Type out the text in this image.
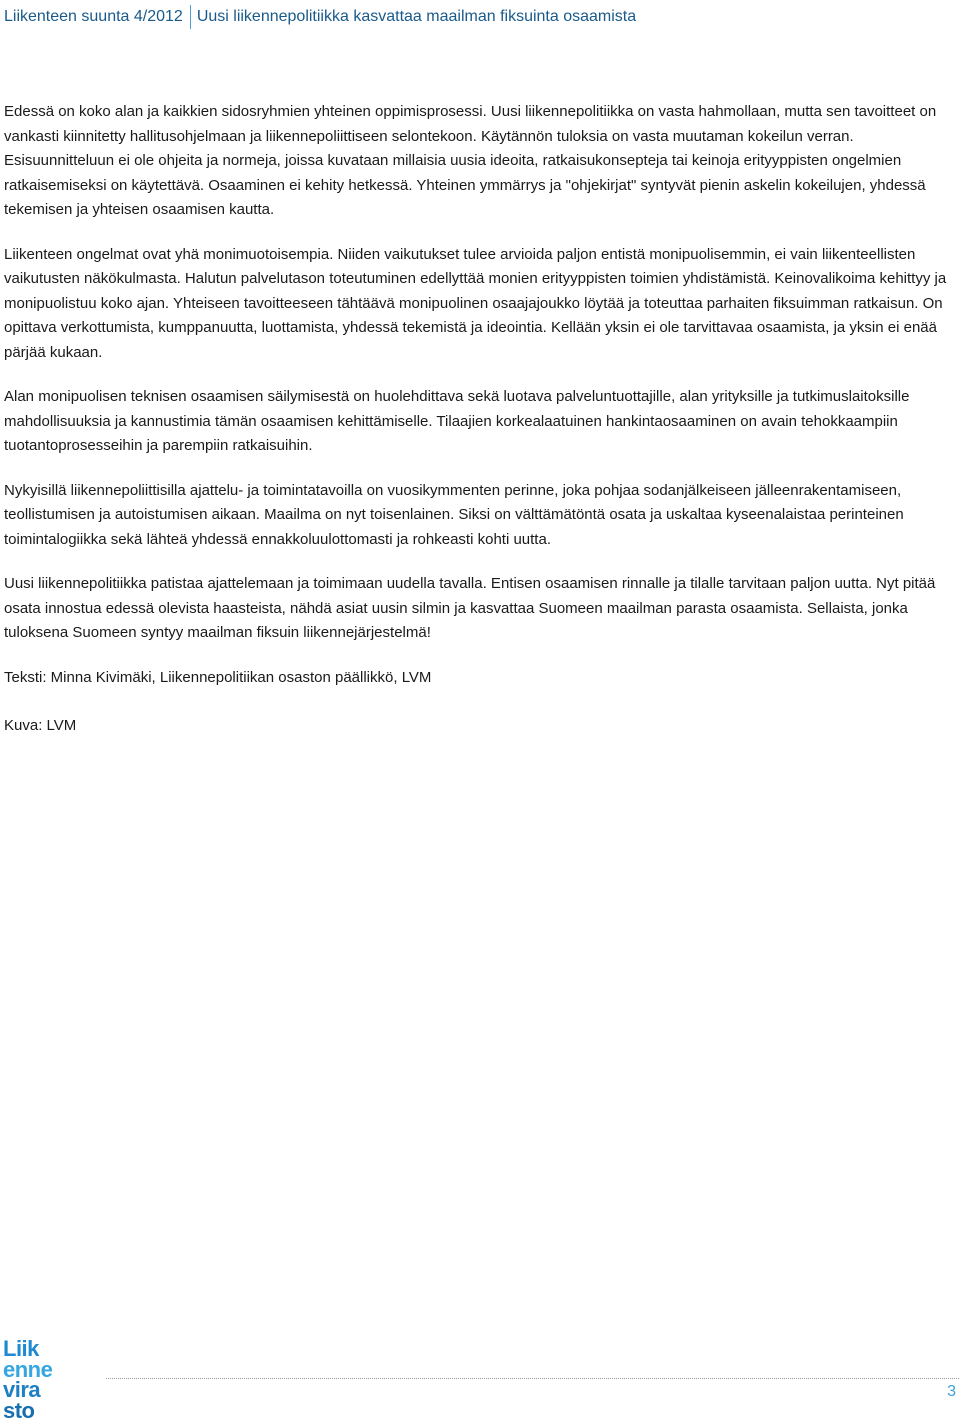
Liikenteen suunta 4/2012 Uusi liikennepolitiikka kasvattaa maailman fiksuinta osaamista

Edessä on koko alan ja kaikkien sidosryhmien yhteinen oppimisprosessi. Uusi liikennepolitiikka on vasta hahmollaan, mutta sen tavoitteet on vankasti kiinnitetty hallitusohjelmaan ja liikennepoliittiseen selontekoon. Käytännön tuloksia on vasta muutaman kokeilun verran. Esisuunnitteluun ei ole ohjeita ja normeja, joissa kuvataan millaisia uusia ideoita, ratkaisukonsepteja tai keinoja erityyppisten ongelmien ratkaisemiseksi on käytettävä. Osaaminen ei kehity hetkessä. Yhteinen ymmärrys ja "ohjekirjat" syntyvät pienin askelin kokeilujen, yhdessä tekemisen ja yhteisen osaamisen kautta.

Liikenteen ongelmat ovat yhä monimuotoisempia. Niiden vaikutukset tulee arvioida paljon entistä monipuolisemmin, ei vain liikenteellisten vaikutusten näkökulmasta. Halutun palvelutason toteutuminen edellyttää monien erityyppisten toimien yhdistämistä. Keinovalikoima kehittyy ja monipuolistuu koko ajan. Yhteiseen tavoitteeseen tähtäävä monipuolinen osaajajoukko löytää ja toteuttaa parhaiten fiksuimman ratkaisun. On opittava verkottumista, kumppanuutta, luottamista, yhdessä tekemistä ja ideointia. Kellään yksin ei ole tarvittavaa osaamista, ja yksin ei enää pärjää kukaan.

Alan monipuolisen teknisen osaamisen säilymisestä on huolehdittava sekä luotava palveluntuottajille, alan yrityksille ja tutkimuslaitoksille mahdollisuuksia ja kannustimia tämän osaamisen kehittämiselle. Tilaajien korkealaatuinen hankintaosaaminen on avain tehokkaampiin tuotantoprosesseihin ja parempiin ratkaisuihin.

Nykyisillä liikennepoliittisilla ajattelu- ja toimintatavoilla on vuosikymmenten perinne, joka pohjaa sodanjälkeiseen jälleenrakentamiseen, teollistumisen ja autoistumisen aikaan. Maailma on nyt toisenlainen. Siksi on välttämätöntä osata ja uskaltaa kyseenalaistaa perinteinen toimintalogiikka sekä lähteä yhdessä ennakkoluulottomasti ja rohkeasti kohti uutta.

Uusi liikennepolitiikka patistaa ajattelemaan ja toimimaan uudella tavalla. Entisen osaamisen rinnalle ja tilalle tarvitaan paljon uutta. Nyt pitää osata innostua edessä olevista haasteista, nähdä asiat uusin silmin ja kasvattaa Suomeen maailman parasta osaamista. Sellaista, jonka tuloksena Suomeen syntyy maailman fiksuin liikennejärjestelmä!

Teksti: Minna Kivimäki, Liikennepolitiikan osaston päällikkö, LVM

Kuva: LVM

Liik
enne
vira
sto
3
